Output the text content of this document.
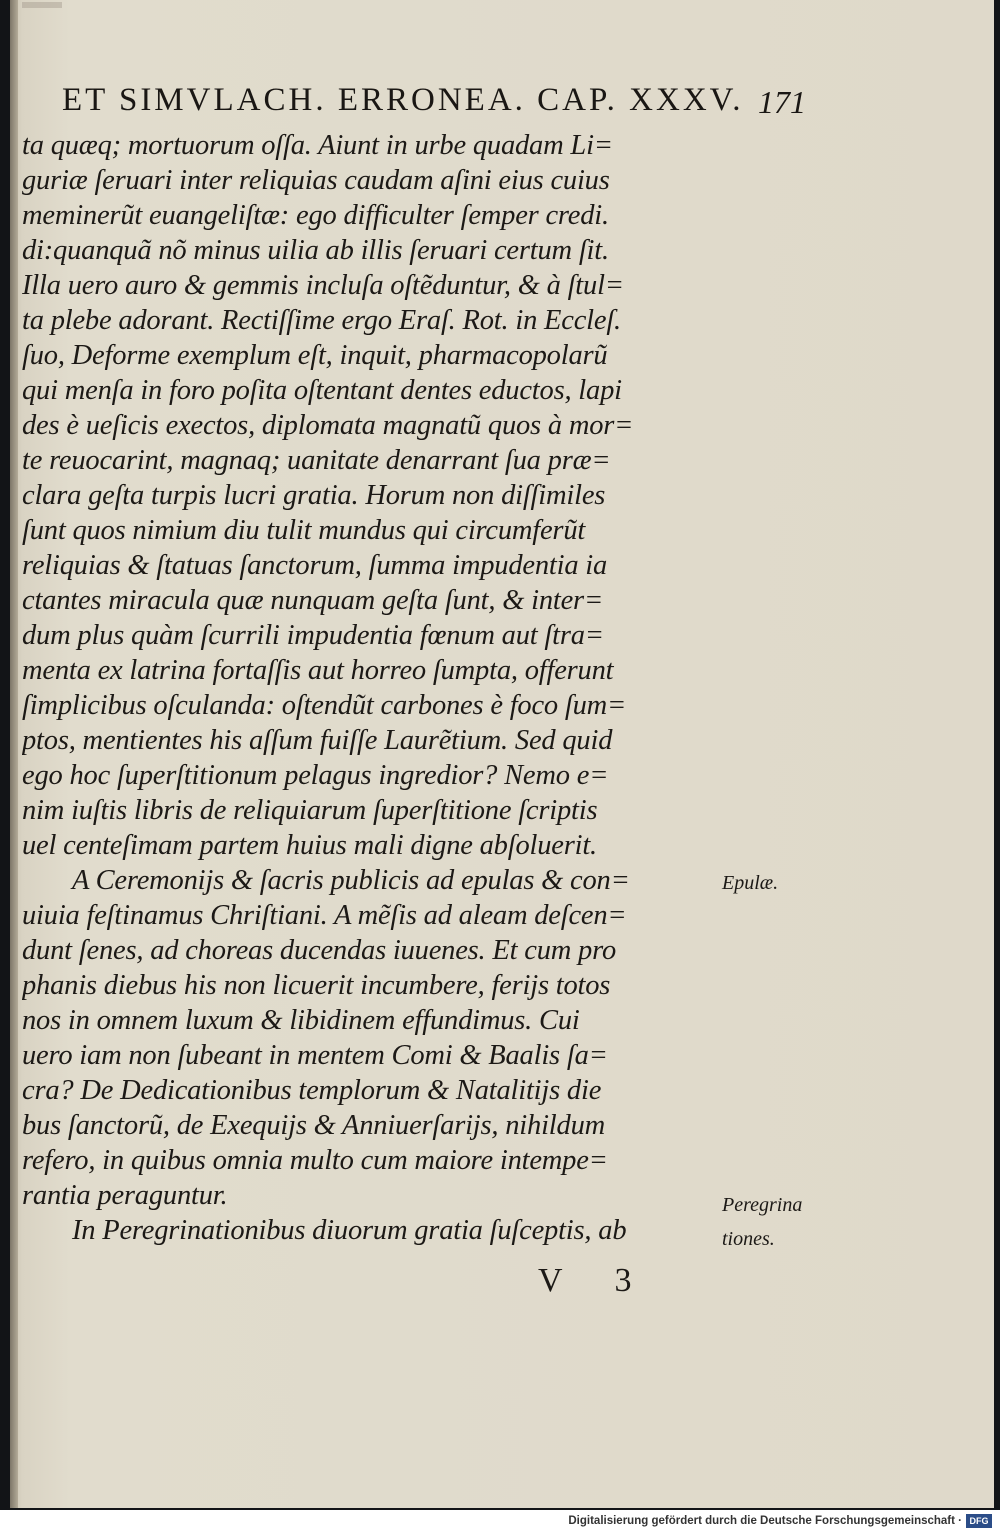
ET SIMVLACH. ERRONEA. CAP. XXXV. 171
ta quæq; mortuorum oſſa. Aiunt in urbe quadam Li=
guriæ ſeruari inter reliquias caudam aſini eius cuius
meminerũt euangeliſtæ: ego difficulter ſemper credi.
di:quanquã nõ minus uilia ab illis ſeruari certum ſit.
Illa uero auro & gemmis incluſa oſtẽduntur, & à ſtul=
ta plebe adorant. Rectiſſime ergo Eraſ. Rot. in Eccleſ.
ſuo, Deforme exemplum eſt, inquit, pharmacopolarũ
qui menſa in foro poſita oſtentant dentes eductos, lapi
des è ueſicis exectos, diplomata magnatũ quos à mor=
te reuocarint, magnaq; uanitate denarrant ſua præ=
clara geſta turpis lucri gratia. Horum non diſſimiles
ſunt quos nimium diu tulit mundus qui circumferũt
reliquias & ſtatuas ſanctorum, ſumma impudentia ia
ctantes miracula quæ nunquam geſta ſunt, & inter=
dum plus quàm ſcurrili impudentia fœnum aut ſtra=
menta ex latrina fortaſſis aut horreo ſumpta, offerunt
ſimplicibus oſculanda: oſtendũt carbones è foco ſum=
ptos, mentientes his aſſum fuiſſe Laurẽtium. Sed quid
ego hoc ſuperſtitionum pelagus ingredior? Nemo e=
nim iuſtis libris de reliquiarum ſuperſtitione ſcriptis
uel centeſimam partem huius mali digne abſoluerit.
A Ceremonijs & ſacris publicis ad epulas & con=
uiuia feſtinamus Chriſtiani. A mẽſis ad aleam deſcen=
dunt ſenes, ad choreas ducendas iuuenes. Et cum pro
phanis diebus his non licuerit incumbere, ferijs totos
nos in omnem luxum & libidinem effundimus. Cui
uero iam non ſubeant in mentem Comi & Baalis ſa=
cra? De Dedicationibus templorum & Natalitijs die
bus ſanctorũ, de Exequijs & Anniuerſarijs, nihildum
refero, in quibus omnia multo cum maiore intempe=
rantia peraguntur.
In Peregrinationibus diuorum gratia ſuſceptis, ab
Epulæ.
Peregrina
tiones.
V 3
Digitalisierung gefördert durch die Deutsche Forschungsgemeinschaft · DFG
